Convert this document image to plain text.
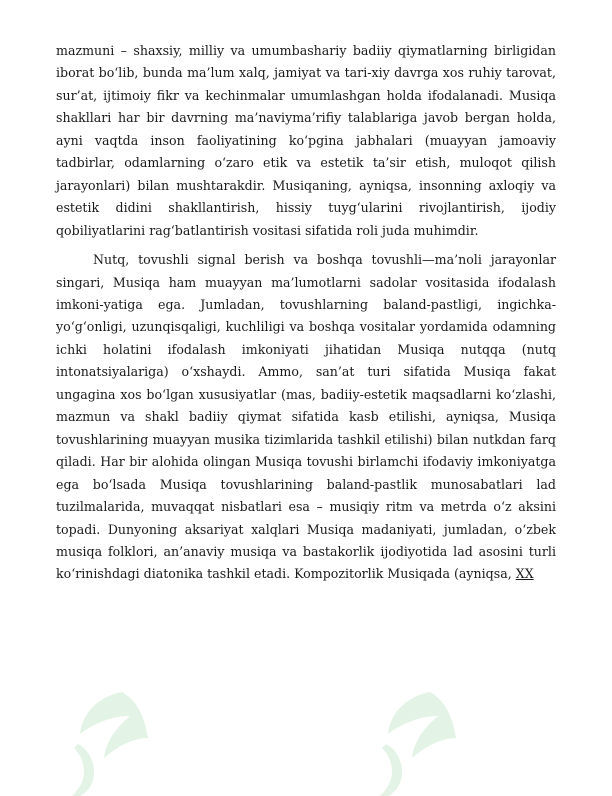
mazmuni – shaxsiy, milliy va umumbashariy badiiy qiymatlarning birligidan iborat bo‘lib, bunda ma’lum xalq, jamiyat va tari-xiy davrga xos ruhiy tarovat, sur’at, ijtimoiy fikr va kechinmalar umumlashgan holda ifodalanadi. Musiqa shakllari har bir davrning ma’naviyma’rifiy talablariga javob bergan holda, ayni vaqtda inson faoliyatining ko‘pgina jabhalari (muayyan jamoaviy tadbirlar, odamlarning o‘zaro etik va estetik ta’sir etish, muloqot qilish jarayonlari) bilan mushtarakdir. Musiqaning, ayniqsa, insonning axloqiy va estetik didini shakllantirish, hissiy tuyg‘ularini rivojlantirish, ijodiy qobiliyatlarini rag‘batlantirish vositasi sifatida roli juda muhimdir.

Nutq, tovushli signal berish va boshqa tovushli—ma’noli jarayonlar singari, Musiqa ham muayyan ma’lumotlarni sadolar vositasida ifodalash imkoni-yatiga ega. Jumladan, tovushlarning baland-pastligi, ingichka-yo‘g‘onligi, uzunqisqaligi, kuchliligi va boshqa vositalar yordamida odamning ichki holatini ifodalash imkoniyati jihatidan Musiqa nutqqa (nutq intonatsiyalariga) o‘xshaydi. Ammo, san’at turi sifatida Musiqa fakat ungagina xos bo‘lgan xususiyatlar (mas, badiiy-estetik maqsadlarni ko‘zlashi, mazmun va shakl badiiy qiymat sifatida kasb etilishi, ayniqsa, Musiqa tovushlarining muayyan musika tizimlarida tashkil etilishi) bilan nutkdan farq qiladi. Har bir alohida olingan Musiqa tovushi birlamchi ifodaviy imkoniyatga ega bo‘lsada Musiqa tovushlarining baland-pastlik munosabatlari lad tuzilmalarida, muvaqqat nisbatlari esa – musiqiy ritm va metrda o‘z aksini topadi. Dunyoning aksariyat xalqlari Musiqa madaniyati, jumladan, o‘zbek musiqa folklori, an’anaviy musiqa va bastakorlik ijodiyotida lad asosini turli ko‘rinishdagi diatonika tashkil etadi. Kompozitorlik Musiqada (ayniqsa, XX
